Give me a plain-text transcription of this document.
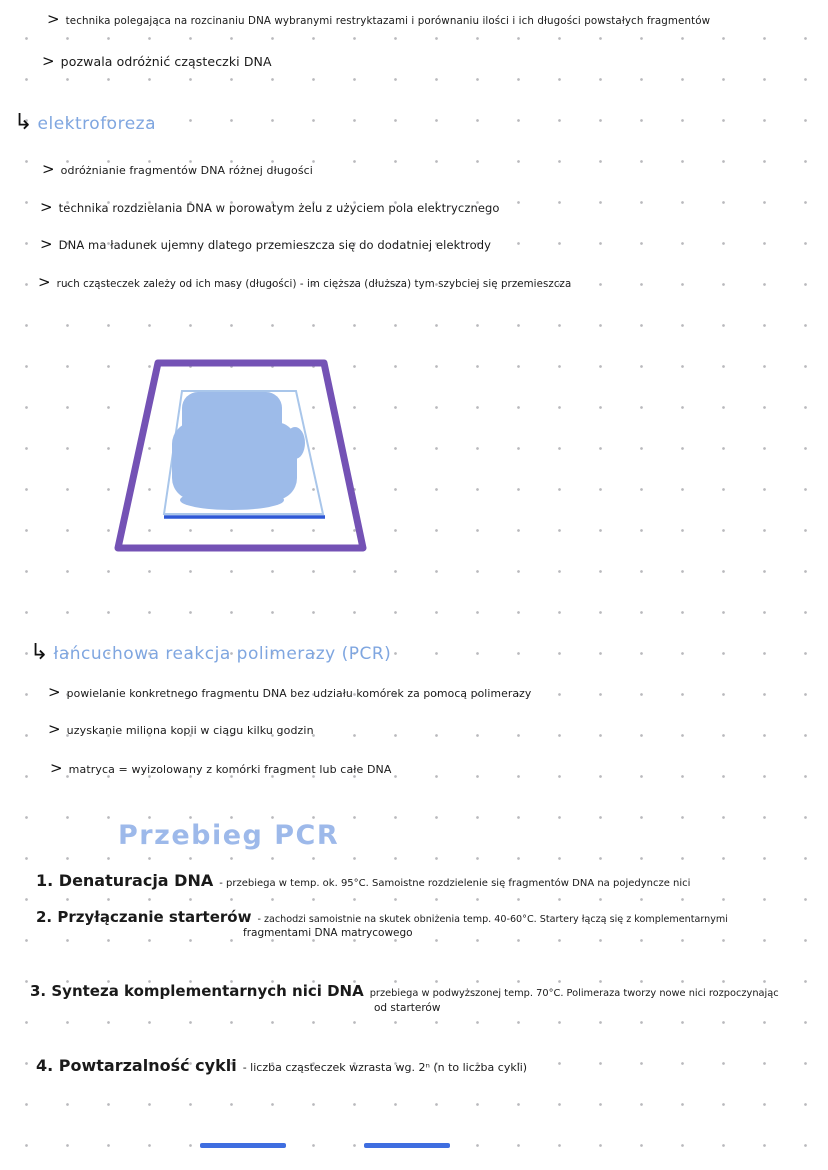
> technika polegająca na rozcinaniu DNA wybranymi restryktazami i porównaniu ilości i ich długości powstałych fragmentów
> pozwala odróżnić cząsteczki DNA
↳ elektroforeza
> odróżnianie fragmentów DNA różnej długości
> technika rozdzielania DNA w porowatym żelu z użyciem pola elektrycznego
> DNA ma ładunek ujemny dlatego przemieszcza się do dodatniej elektrody
> ruch cząsteczek zależy od ich masy (długości) - im cięższa (dłuższa) tym szybciej się przemieszcza
↳ łańcuchowa reakcja polimerazy (PCR)
> powielanie konkretnego fragmentu DNA bez udziału komórek za pomocą polimerazy
> uzyskanie miliona kopii w ciągu kilku godzin
> matryca = wyizolowany z komórki fragment lub całe DNA
Przebieg PCR
1. Denaturacja DNA - przebiega w temp. ok. 95°C. Samoistne rozdzielenie się fragmentów DNA na pojedyncze nici
2. Przyłączanie starterów - zachodzi samoistnie na skutek obniżenia temp. 40-60°C. Startery łączą się z komplementarnymi
fragmentami DNA matrycowego
3. Synteza komplementarnych nici DNA przebiega w podwyższonej temp. 70°C. Polimeraza tworzy nowe nici rozpoczynając
od starterów
4. Powtarzalność cykli - liczba cząsteczek wzrasta wg. 2ⁿ (n to liczba cykli)
